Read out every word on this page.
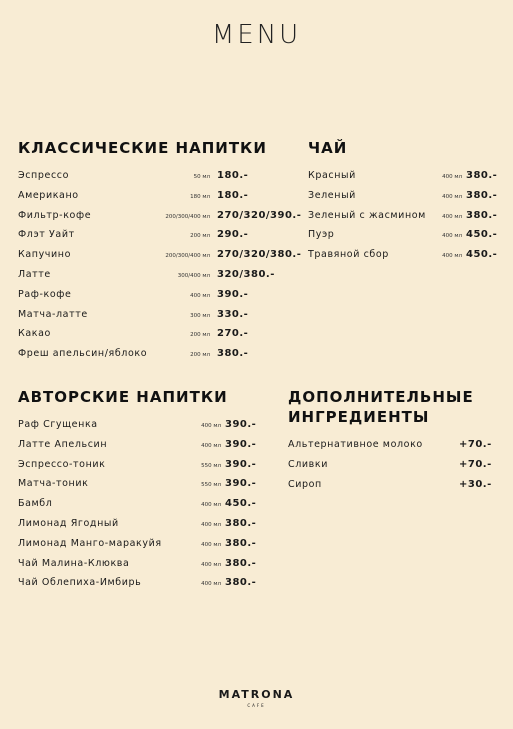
MENU
КЛАССИЧЕСКИЕ НАПИТКИ
Эспрессо	50 мл 180.-
Американо	180 мл 180.-
Фильтр-кофе	200/300/400 мл 270/320/390.-
Флэт Уайт	200 мл 290.-
Капучино	200/300/400 мл 270/320/380.-
Латте	300/400 мл 320/380.-
Раф-кофе	400 мл 390.-
Матча-латте	300 мл 330.-
Какао	200 мл 270.-
Фреш апельсин/яблоко	200 мл 380.-
ЧАЙ
Красный	400 мл 380.-
Зеленый	400 мл 380.-
Зеленый с жасмином	400 мл 380.-
Пуэр	400 мл 450.-
Травяной сбор	400 мл 450.-
АВТОРСКИЕ НАПИТКИ
Раф Сгущенка	400 мл 390.-
Латте Апельсин	400 мл 390.-
Эспрессо-тоник	550 мл 390.-
Матча-тоник	550 мл 390.-
Бамбл	400 мл 450.-
Лимонад Ягодный	400 мл 380.-
Лимонад Манго-маракуйя	400 мл 380.-
Чай Малина-Клюква	400 мл 380.-
Чай Облепиха-Имбирь	400 мл 380.-
ДОПОЛНИТЕЛЬНЫЕ
ИНГРЕДИЕНТЫ
Альтернативное молоко	+70.-
Сливки	+70.-
Сироп	+30.-
MATRONA
CAFE
